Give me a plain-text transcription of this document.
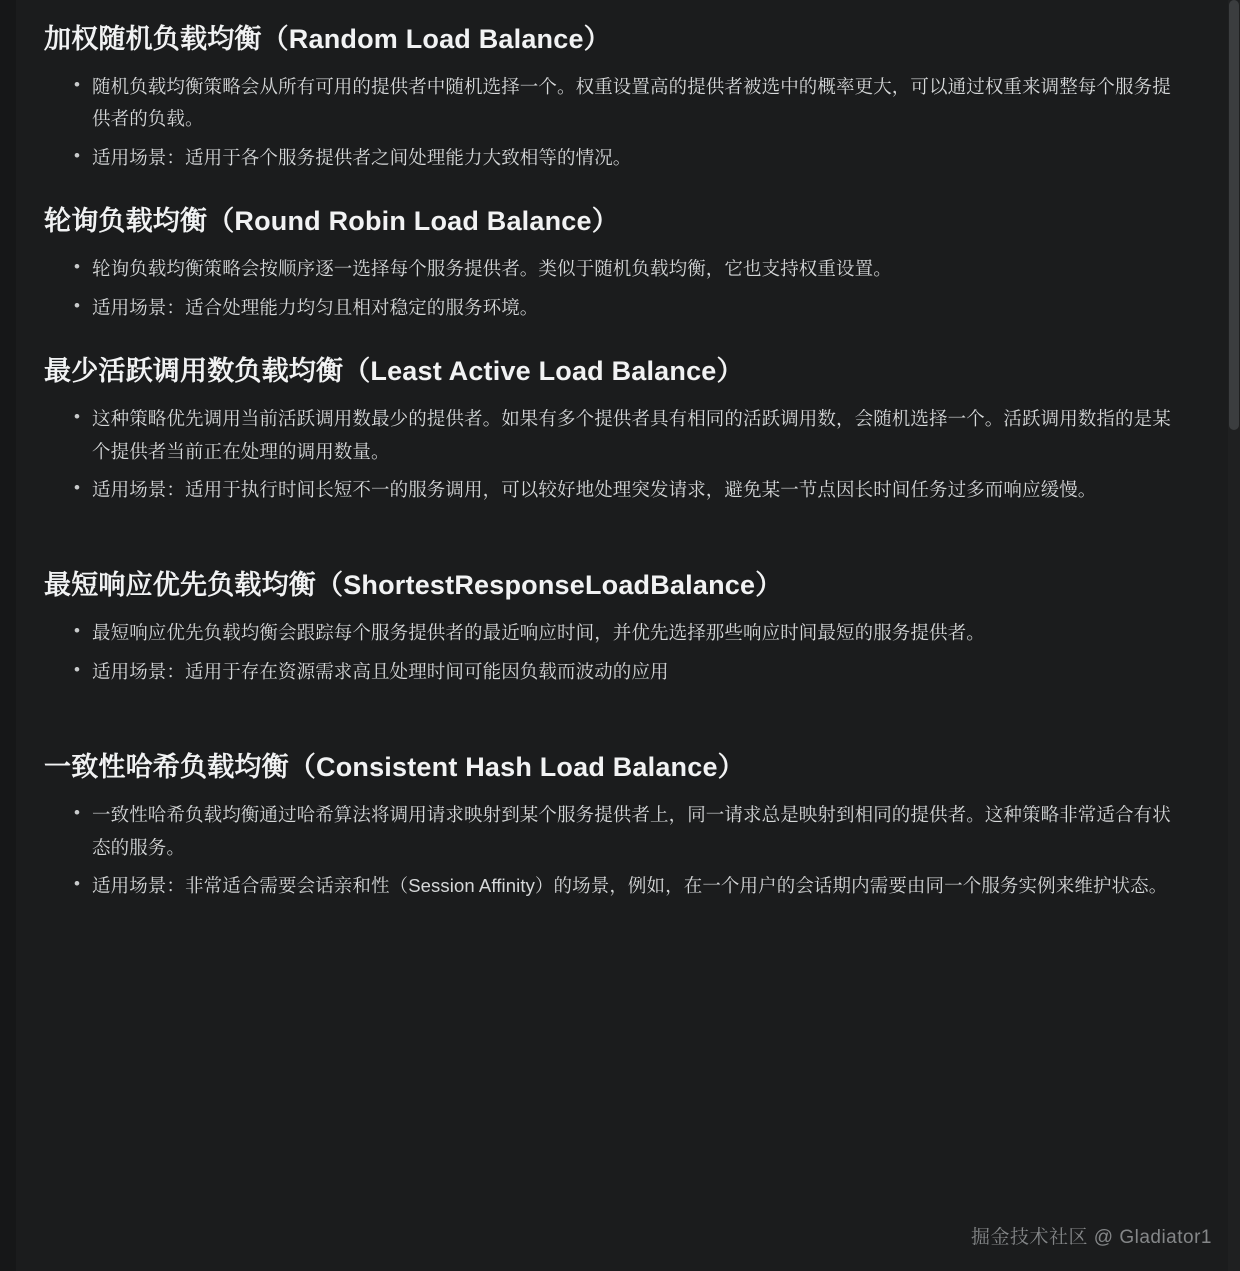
加权随机负载均衡（Random Load Balance）
• 随机负载均衡策略会从所有可用的提供者中随机选择一个。权重设置高的提供者被选中的概率更大，可以通过权重来调整每个服务提供者的负载。
• 适用场景：适用于各个服务提供者之间处理能力大致相等的情况。
轮询负载均衡（Round Robin Load Balance）
• 轮询负载均衡策略会按顺序逐一选择每个服务提供者。类似于随机负载均衡，它也支持权重设置。
• 适用场景：适合处理能力均匀且相对稳定的服务环境。
最少活跃调用数负载均衡（Least Active Load Balance）
• 这种策略优先调用当前活跃调用数最少的提供者。如果有多个提供者具有相同的活跃调用数，会随机选择一个。活跃调用数指的是某个提供者当前正在处理的调用数量。
• 适用场景：适用于执行时间长短不一的服务调用，可以较好地处理突发请求，避免某一节点因长时间任务过多而响应缓慢。
最短响应优先负载均衡（ShortestResponseLoadBalance）
• 最短响应优先负载均衡会跟踪每个服务提供者的最近响应时间，并优先选择那些响应时间最短的服务提供者。
• 适用场景：适用于存在资源需求高且处理时间可能因负载而波动的应用
一致性哈希负载均衡（Consistent Hash Load Balance）
• 一致性哈希负载均衡通过哈希算法将调用请求映射到某个服务提供者上，同一请求总是映射到相同的提供者。这种策略非常适合有状态的服务。
• 适用场景：非常适合需要会话亲和性（Session Affinity）的场景，例如，在一个用户的会话期内需要由同一个服务实例来维护状态。
掘金技术社区 @ Gladiator1
